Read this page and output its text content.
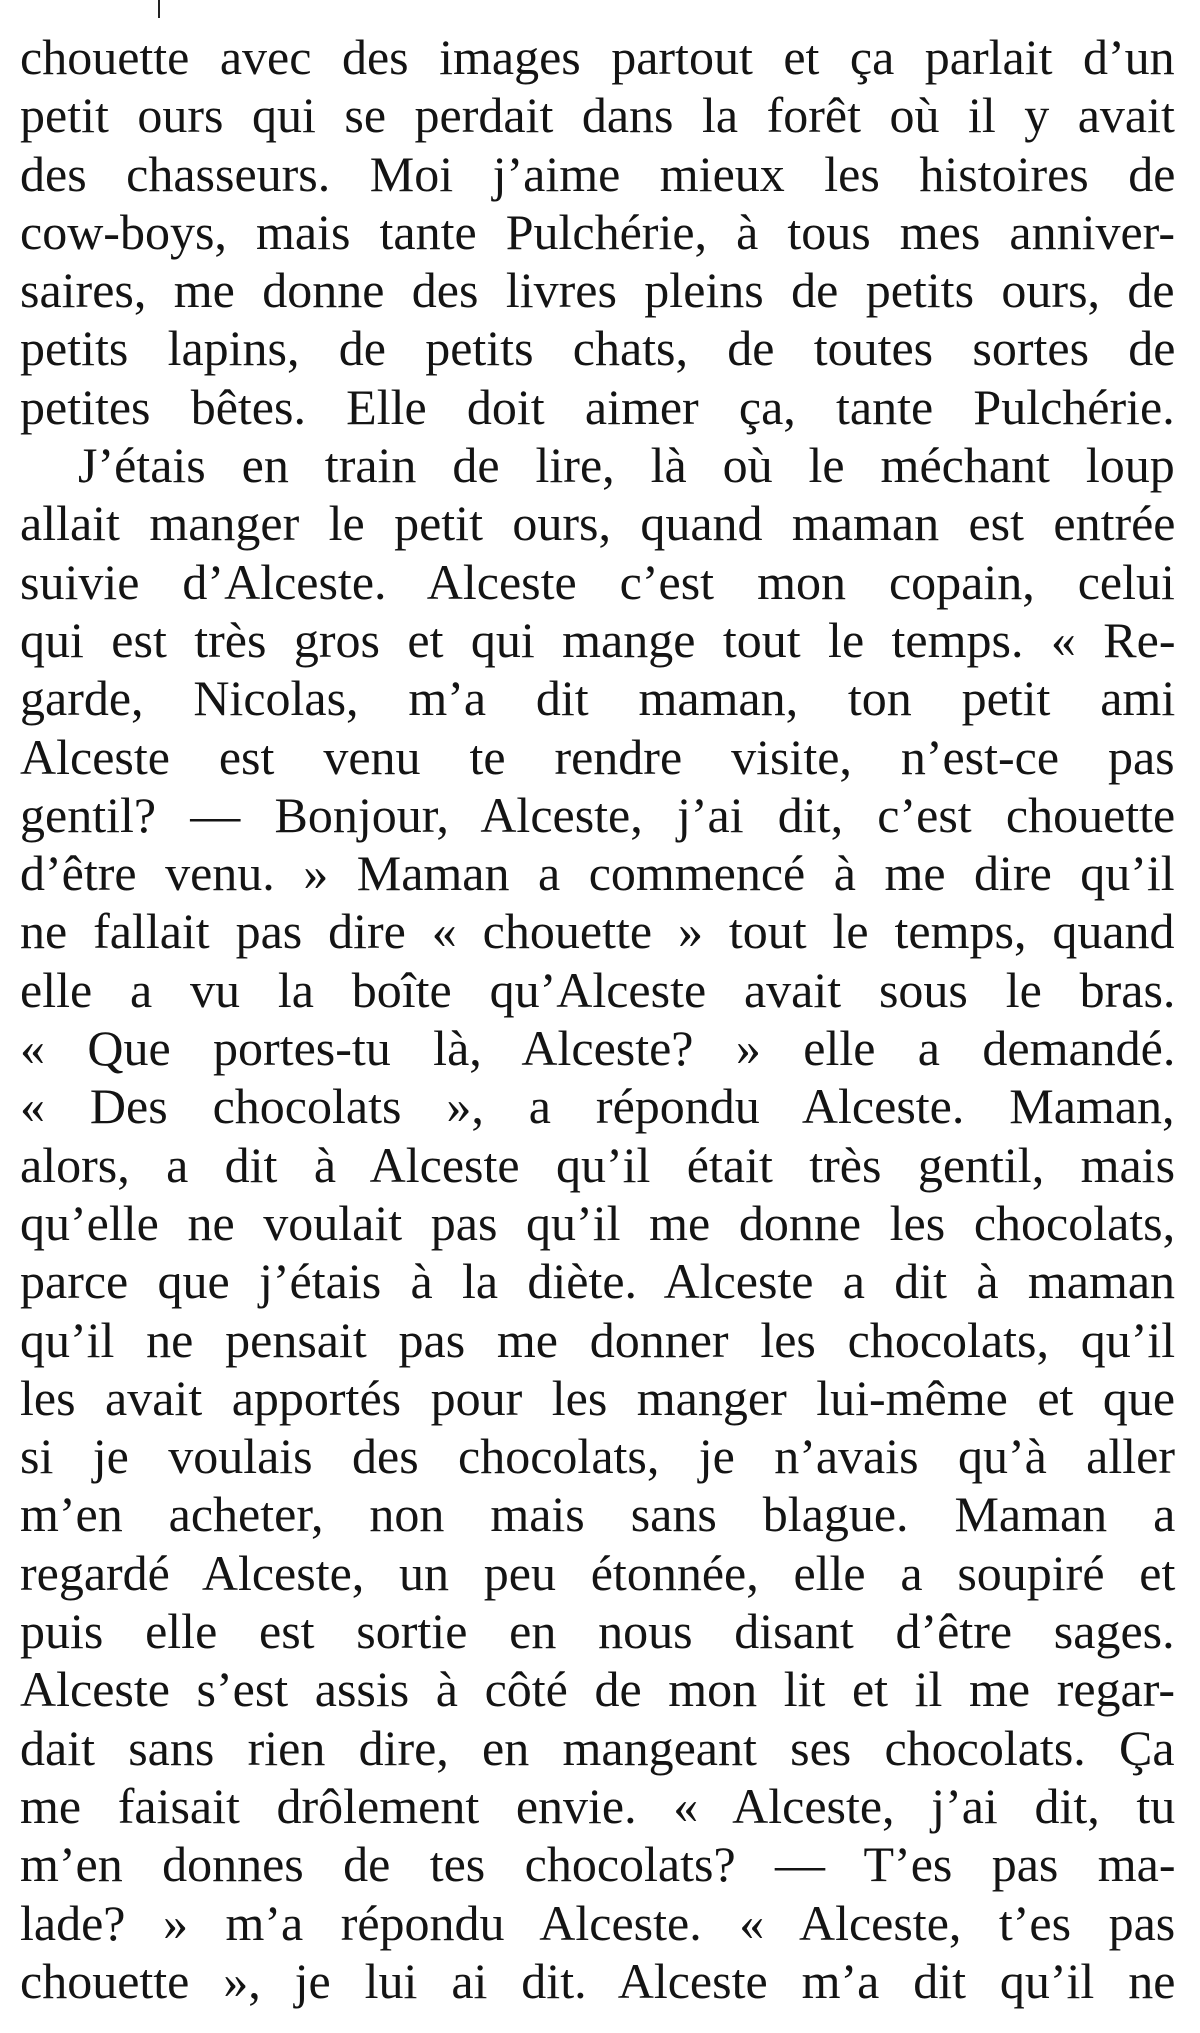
chouette avec des images partout et ça parlait d’un
petit ours qui se perdait dans la forêt où il y avait
des chasseurs. Moi j’aime mieux les histoires de
cow-boys, mais tante Pulchérie, à tous mes anniver-
saires, me donne des livres pleins de petits ours, de
petits lapins, de petits chats, de toutes sortes de
petites bêtes. Elle doit aimer ça, tante Pulchérie.
J’étais en train de lire, là où le méchant loup
allait manger le petit ours, quand maman est entrée
suivie d’Alceste. Alceste c’est mon copain, celui
qui est très gros et qui mange tout le temps. « Re-
garde, Nicolas, m’a dit maman, ton petit ami
Alceste est venu te rendre visite, n’est-ce pas
gentil? — Bonjour, Alceste, j’ai dit, c’est chouette
d’être venu. » Maman a commencé à me dire qu’il
ne fallait pas dire « chouette » tout le temps, quand
elle a vu la boîte qu’Alceste avait sous le bras.
« Que portes-tu là, Alceste? » elle a demandé.
« Des chocolats », a répondu Alceste. Maman,
alors, a dit à Alceste qu’il était très gentil, mais
qu’elle ne voulait pas qu’il me donne les chocolats,
parce que j’étais à la diète. Alceste a dit à maman
qu’il ne pensait pas me donner les chocolats, qu’il
les avait apportés pour les manger lui-même et que
si je voulais des chocolats, je n’avais qu’à aller
m’en acheter, non mais sans blague. Maman a
regardé Alceste, un peu étonnée, elle a soupiré et
puis elle est sortie en nous disant d’être sages.
Alceste s’est assis à côté de mon lit et il me regar-
dait sans rien dire, en mangeant ses chocolats. Ça
me faisait drôlement envie. « Alceste, j’ai dit, tu
m’en donnes de tes chocolats? — T’es pas ma-
lade? » m’a répondu Alceste. « Alceste, t’es pas
chouette », je lui ai dit. Alceste m’a dit qu’il ne
